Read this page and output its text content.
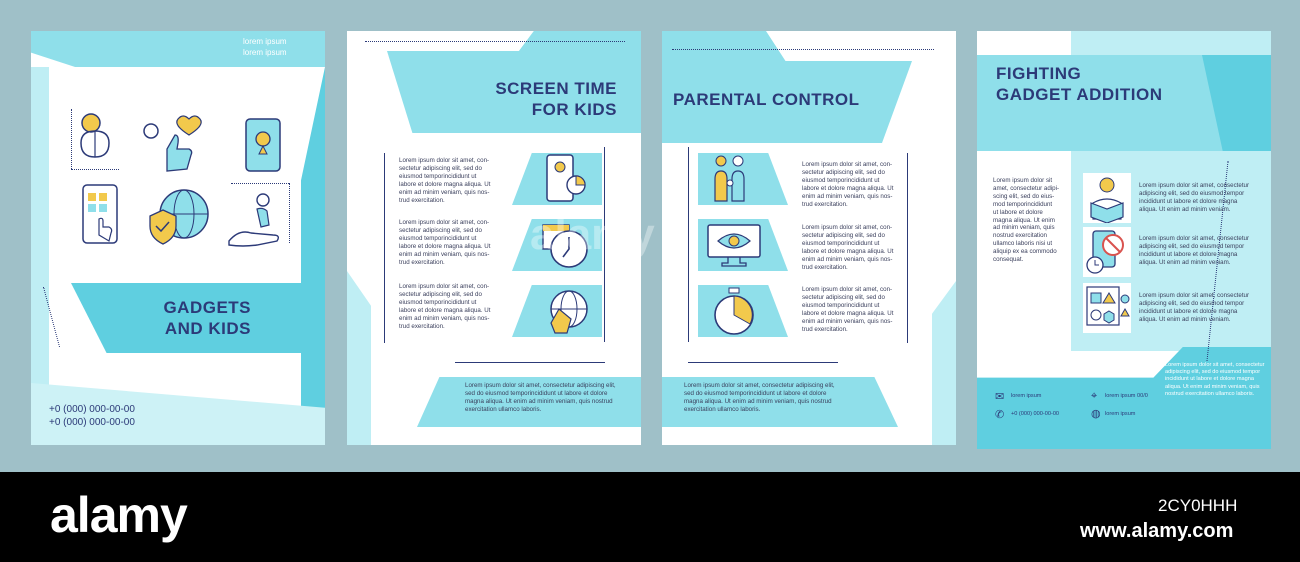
lorem ipsum
lorem ipsum
GADGETS
AND KIDS
+0 (000) 000-00-00
+0 (000) 000-00-00
SCREEN TIME
FOR KIDS
Lorem ipsum dolor sit amet, con-
sectetur adipiscing elit, sed do
eiusmod temporincididunt ut
labore et dolore magna aliqua. Ut
enim ad minim veniam, quis nos-
trud exercitation.
Lorem ipsum dolor sit amet, con-
sectetur adipiscing elit, sed do
eiusmod temporincididunt ut
labore et dolore magna aliqua. Ut
enim ad minim veniam, quis nos-
trud exercitation.
Lorem ipsum dolor sit amet, con-
sectetur adipiscing elit, sed do
eiusmod temporincididunt ut
labore et dolore magna aliqua. Ut
enim ad minim veniam, quis nos-
trud exercitation.
Lorem ipsum dolor sit amet, consectetur adipiscing elit,
sed do eiusmod temporincididunt ut labore et dolore
magna aliqua. Ut enim ad minim veniam, quis nostrud
exercitation ullamco laboris.
PARENTAL CONTROL
Lorem ipsum dolor sit amet, con-
sectetur adipiscing elit, sed do
eiusmod temporincididunt ut
labore et dolore magna aliqua. Ut
enim ad minim veniam, quis nos-
trud exercitation.
Lorem ipsum dolor sit amet, con-
sectetur adipiscing elit, sed do
eiusmod temporincididunt ut
labore et dolore magna aliqua. Ut
enim ad minim veniam, quis nos-
trud exercitation.
Lorem ipsum dolor sit amet, con-
sectetur adipiscing elit, sed do
eiusmod temporincididunt ut
labore et dolore magna aliqua. Ut
enim ad minim veniam, quis nos-
trud exercitation.
Lorem ipsum dolor sit amet, consectetur adipiscing elit,
sed do eiusmod temporincididunt ut labore et dolore
magna aliqua. Ut enim ad minim veniam, quis nostrud
exercitation ullamco laboris.
FIGHTING
GADGET ADDITION
Lorem ipsum dolor sit
amet, consectetur adipi-
scing elit, sed do eius-
mod temporincididunt
ut labore et dolore
magna aliqua. Ut enim
ad minim veniam, quis
nostrud exercitation
ullamco laboris nisi ut
aliquip ex ea commodo
consequat.
Lorem ipsum dolor sit amet, consectetur
adipiscing elit, sed do eiusmod tempor
incididunt ut labore et dolore magna
aliqua. Ut enim ad minim veniam.
Lorem ipsum dolor sit amet, consectetur
adipiscing elit, sed do eiusmod tempor
incididunt ut labore et dolore magna
aliqua. Ut enim ad minim veniam.
Lorem ipsum dolor sit amet, consectetur
adipiscing elit, sed do eiusmod tempor
incididunt ut labore et dolore magna
aliqua. Ut enim ad minim veniam.
Lorem ipsum dolor sit amet, consectetur
adipiscing elit, sed do eiusmod tempor
incididunt ut labore et dolore magna
aliqua. Ut enim ad minim veniam, quis
nostrud exercitation ullamco laboris.
✉ lorem ipsum
✆ +0 (000) 000-00-00
⌖ lorem ipsum 00/0
◍ lorem ipsum
alamy
alamy	2CY0HHH
www.alamy.com
